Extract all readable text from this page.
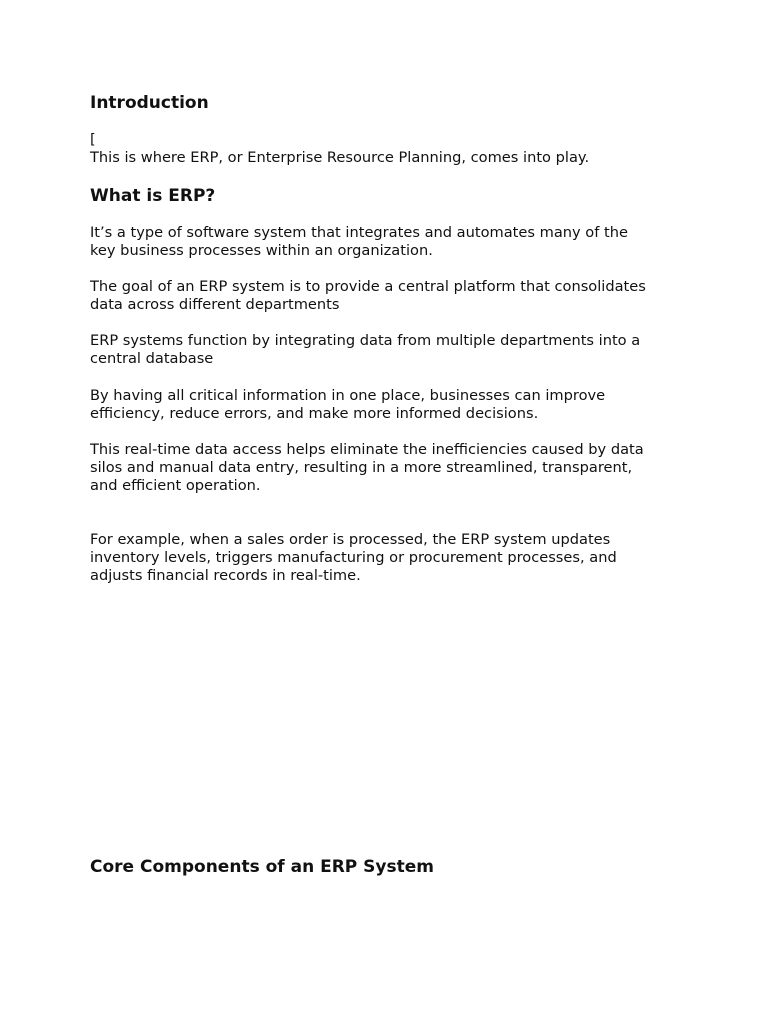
Introduction

[

This is where ERP, or Enterprise Resource Planning, comes into play.

What is ERP?

It’s a type of software system that integrates and automates many of the
key business processes within an organization.

The goal of an ERP system is to provide a central platform that consolidates
data across different departments

ERP systems function by integrating data from multiple departments into a
central database

By having all critical information in one place, businesses can improve
efficiency, reduce errors, and make more informed decisions.

This real-time data access helps eliminate the inefficiencies caused by data
silos and manual data entry, resulting in a more streamlined, transparent,
and efficient operation.

For example, when a sales order is processed, the ERP system updates
inventory levels, triggers manufacturing or procurement processes, and
adjusts financial records in real-time.

Core Components of an ERP System
